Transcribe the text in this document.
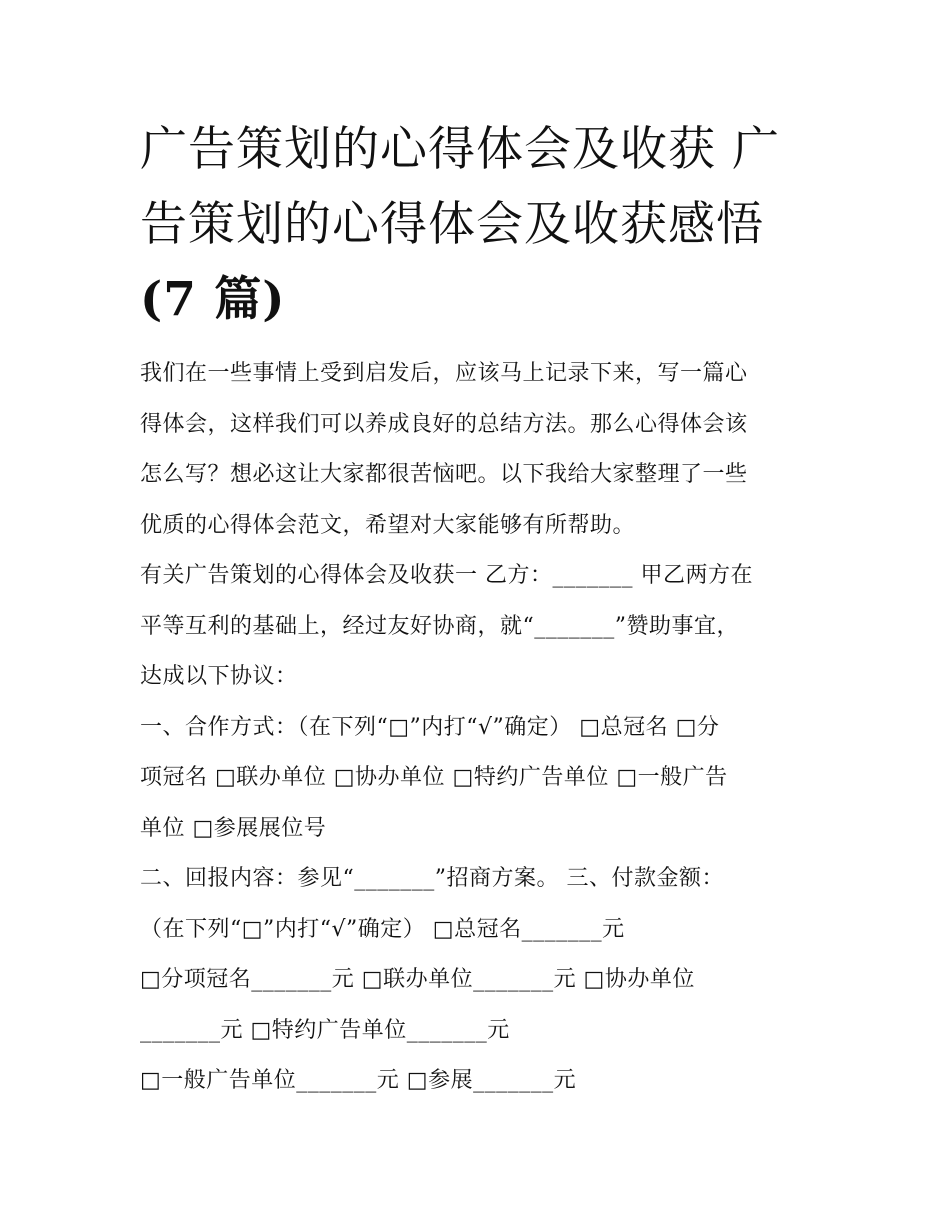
广告策划的心得体会及收获 广
告策划的心得体会及收获感悟
(7 篇)
我们在一些事情上受到启发后，应该马上记录下来，写一篇心
得体会，这样我们可以养成良好的总结方法。那么心得体会该
怎么写？想必这让大家都很苦恼吧。以下我给大家整理了一些
优质的心得体会范文，希望对大家能够有所帮助。
有关广告策划的心得体会及收获一 乙方：_______ 甲乙两方在
平等互利的基础上，经过友好协商，就“_______”赞助事宜，
达成以下协议：
一、合作方式：（在下列“□”内打“√”确定） □总冠名 □分
项冠名 □联办单位 □协办单位 □特约广告单位 □一般广告
单位 □参展展位号
二、回报内容：参见“_______”招商方案。 三、付款金额：
（在下列“□”内打“√”确定） □总冠名_______元
□分项冠名_______元 □联办单位_______元 □协办单位
_______元 □特约广告单位_______元
□一般广告单位_______元 □参展_______元
